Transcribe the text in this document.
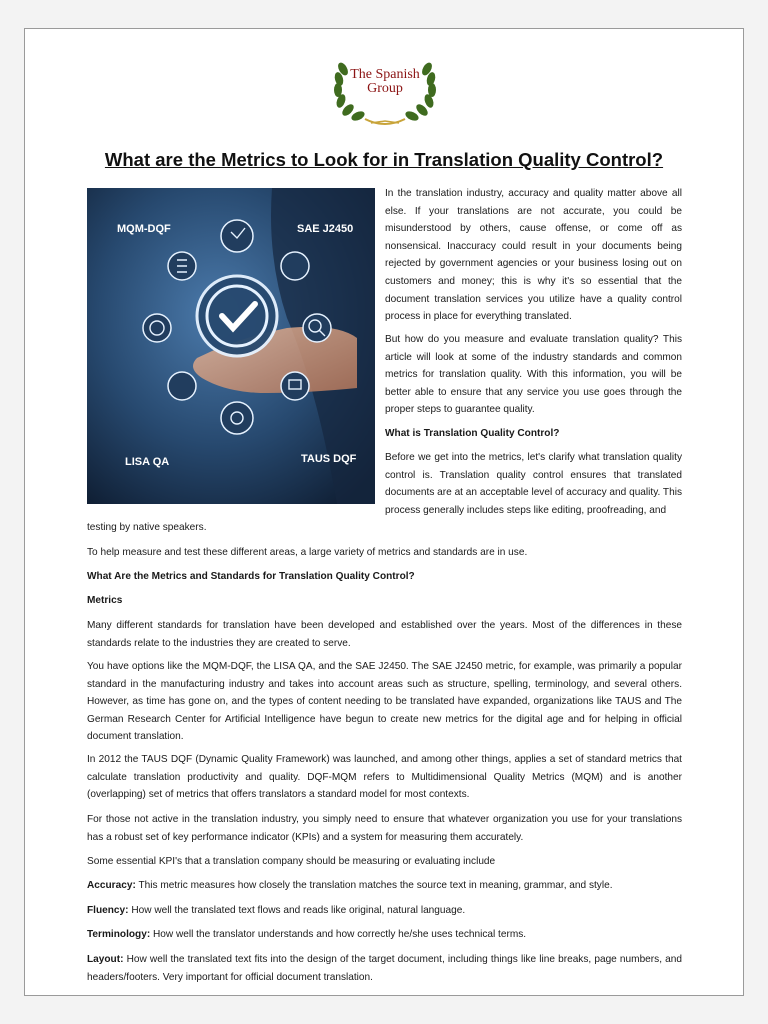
The Spanish
Group
What are the Metrics to Look for in Translation Quality Control?
MQM-DQF	SAE J2450
LISA QA	TAUS DQF

In the translation industry, accuracy and quality matter above all else. If your translations are not accurate, you could be misunderstood by others, cause offense, or come off as nonsensical. Inaccuracy could result in your documents being rejected by government agencies or your business losing out on customers and money; this is why it's so essential that the document translation services you utilize have a quality control process in place for everything translated.

But how do you measure and evaluate translation quality? This article will look at some of the industry standards and common metrics for translation quality. With this information, you will be better able to ensure that any service you use goes through the proper steps to guarantee quality.

What is Translation Quality Control?

Before we get into the metrics, let's clarify what translation quality control is. Translation quality control ensures that translated documents are at an acceptable level of accuracy and quality. This process generally includes steps like editing, proofreading, and

testing by native speakers.

To help measure and test these different areas, a large variety of metrics and standards are in use.

What Are the Metrics and Standards for Translation Quality Control?

Metrics

Many different standards for translation have been developed and established over the years. Most of the differences in these standards relate to the industries they are created to serve.

You have options like the MQM-DQF, the LISA QA, and the SAE J2450. The SAE J2450 metric, for example, was primarily a popular standard in the manufacturing industry and takes into account areas such as structure, spelling, terminology, and several others. However, as time has gone on, and the types of content needing to be translated have expanded, organizations like TAUS and The German Research Center for Artificial Intelligence have begun to create new metrics for the digital age and for helping in official document translation.

In 2012 the TAUS DQF (Dynamic Quality Framework) was launched, and among other things, applies a set of standard metrics that calculate translation productivity and quality. DQF-MQM refers to Multidimensional Quality Metrics (MQM) and is another (overlapping) set of metrics that offers translators a standard model for most contexts.

For those not active in the translation industry, you simply need to ensure that whatever organization you use for your translations has a robust set of key performance indicator (KPIs) and a system for measuring them accurately.

Some essential KPI's that a translation company should be measuring or evaluating include

Accuracy: This metric measures how closely the translation matches the source text in meaning, grammar, and style.

Fluency: How well the translated text flows and reads like original, natural language.

Terminology: How well the translator understands and how correctly he/she uses technical terms.

Layout: How well the translated text fits into the design of the target document, including things like line breaks, page numbers, and headers/footers. Very important for official document translation.
